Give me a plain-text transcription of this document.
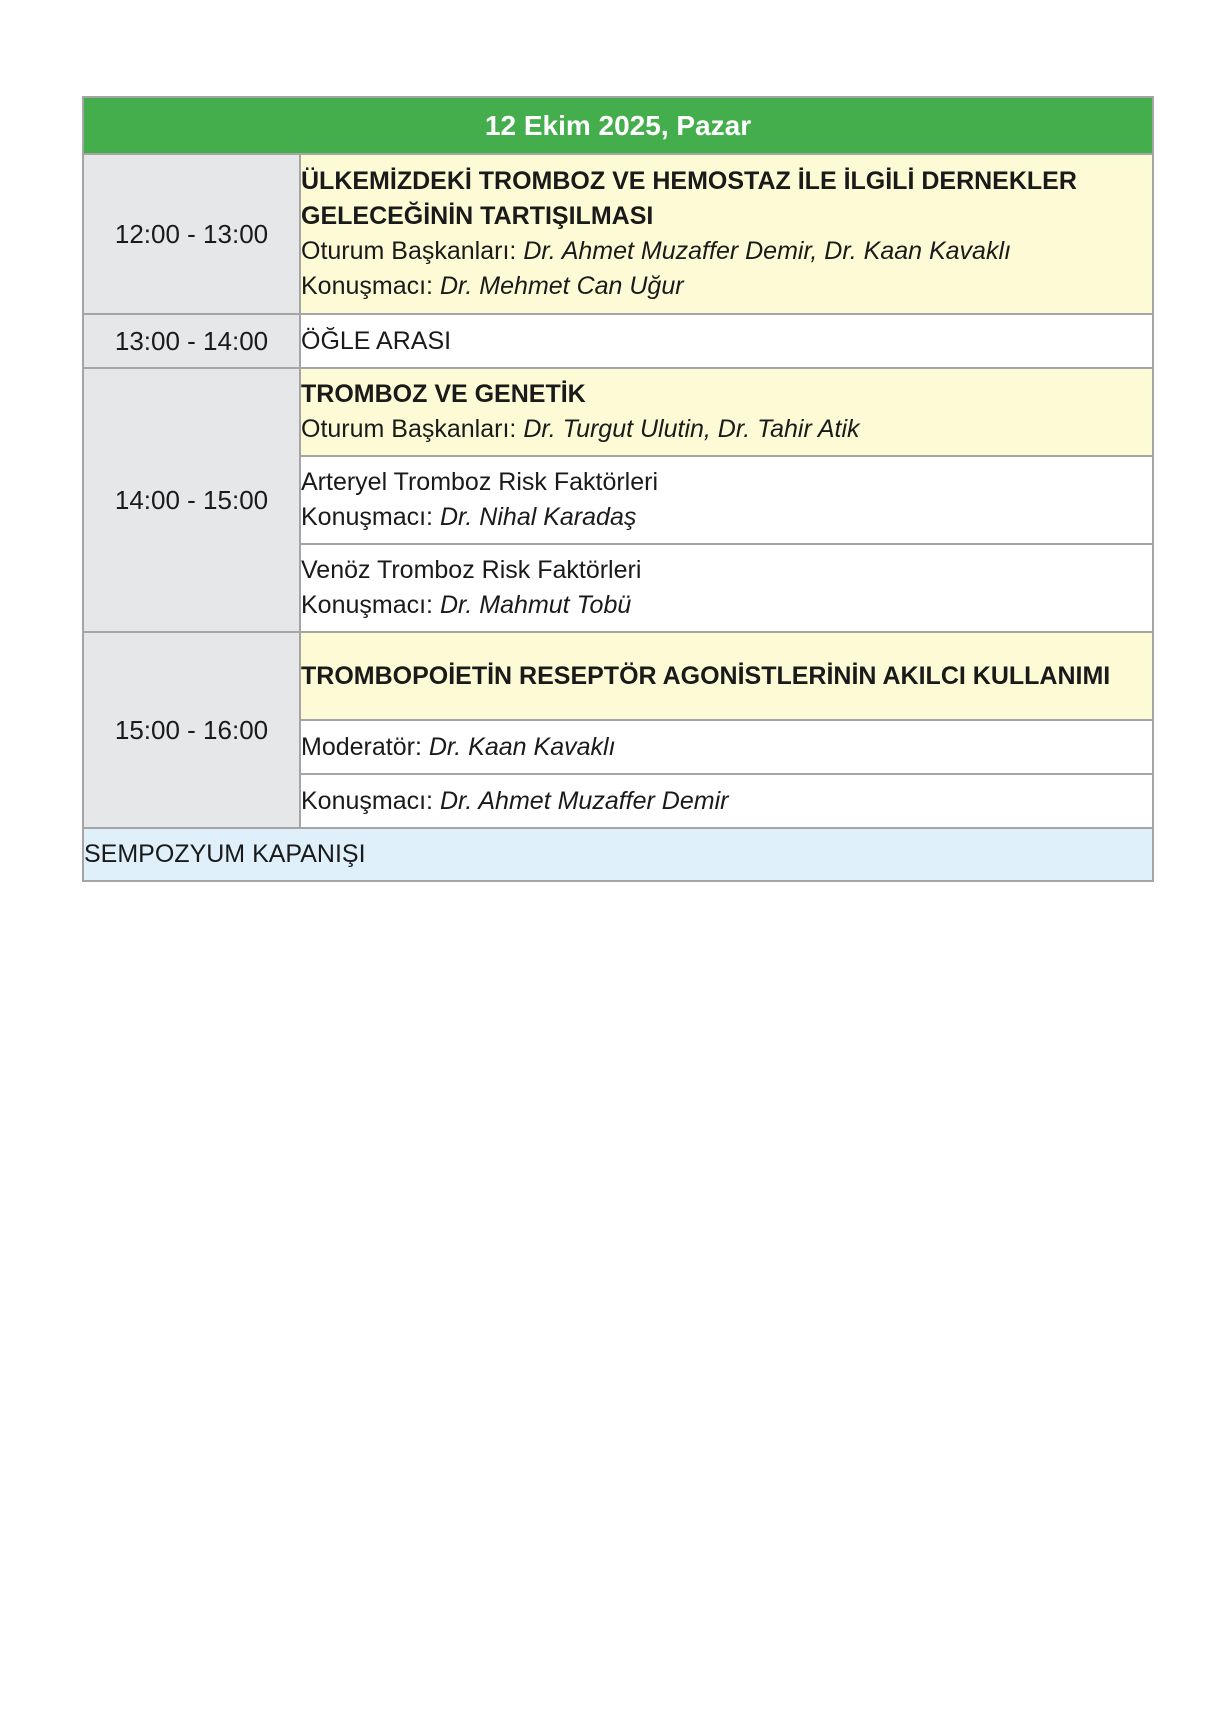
12 Ekim 2025, Pazar	
12:00 - 13:00	ÜLKEMİZDEKİ TROMBOZ VE HEMOSTAZ İLE İLGİLİ DERNEKLER GELECEĞİNİN TARTIŞILMASI
Oturum Başkanları: Dr. Ahmet Muzaffer Demir, Dr. Kaan Kavaklı
Konuşmacı: Dr. Mehmet Can Uğur

13:00 - 14:00	ÖĞLE ARASI
14:00 - 15:00	TROMBOZ VE GENETİK
Oturum Başkanları: Dr. Turgut Ulutin, Dr. Tahir Atik

	Arteryel Tromboz Risk Faktörleri
Konuşmacı: Dr. Nihal Karadaş

	Venöz Tromboz Risk Faktörleri
Konuşmacı: Dr. Mahmut Tobü

15:00 - 16:00	TROMBOPOİETİN RESEPTÖR AGONİSTLERİNİN AKILCI KULLANIMI

	Moderatör: Dr. Kaan Kavaklı
	Konuşmacı: Dr. Ahmet Muzaffer Demir
SEMPOZYUM KAPANIŞI	
